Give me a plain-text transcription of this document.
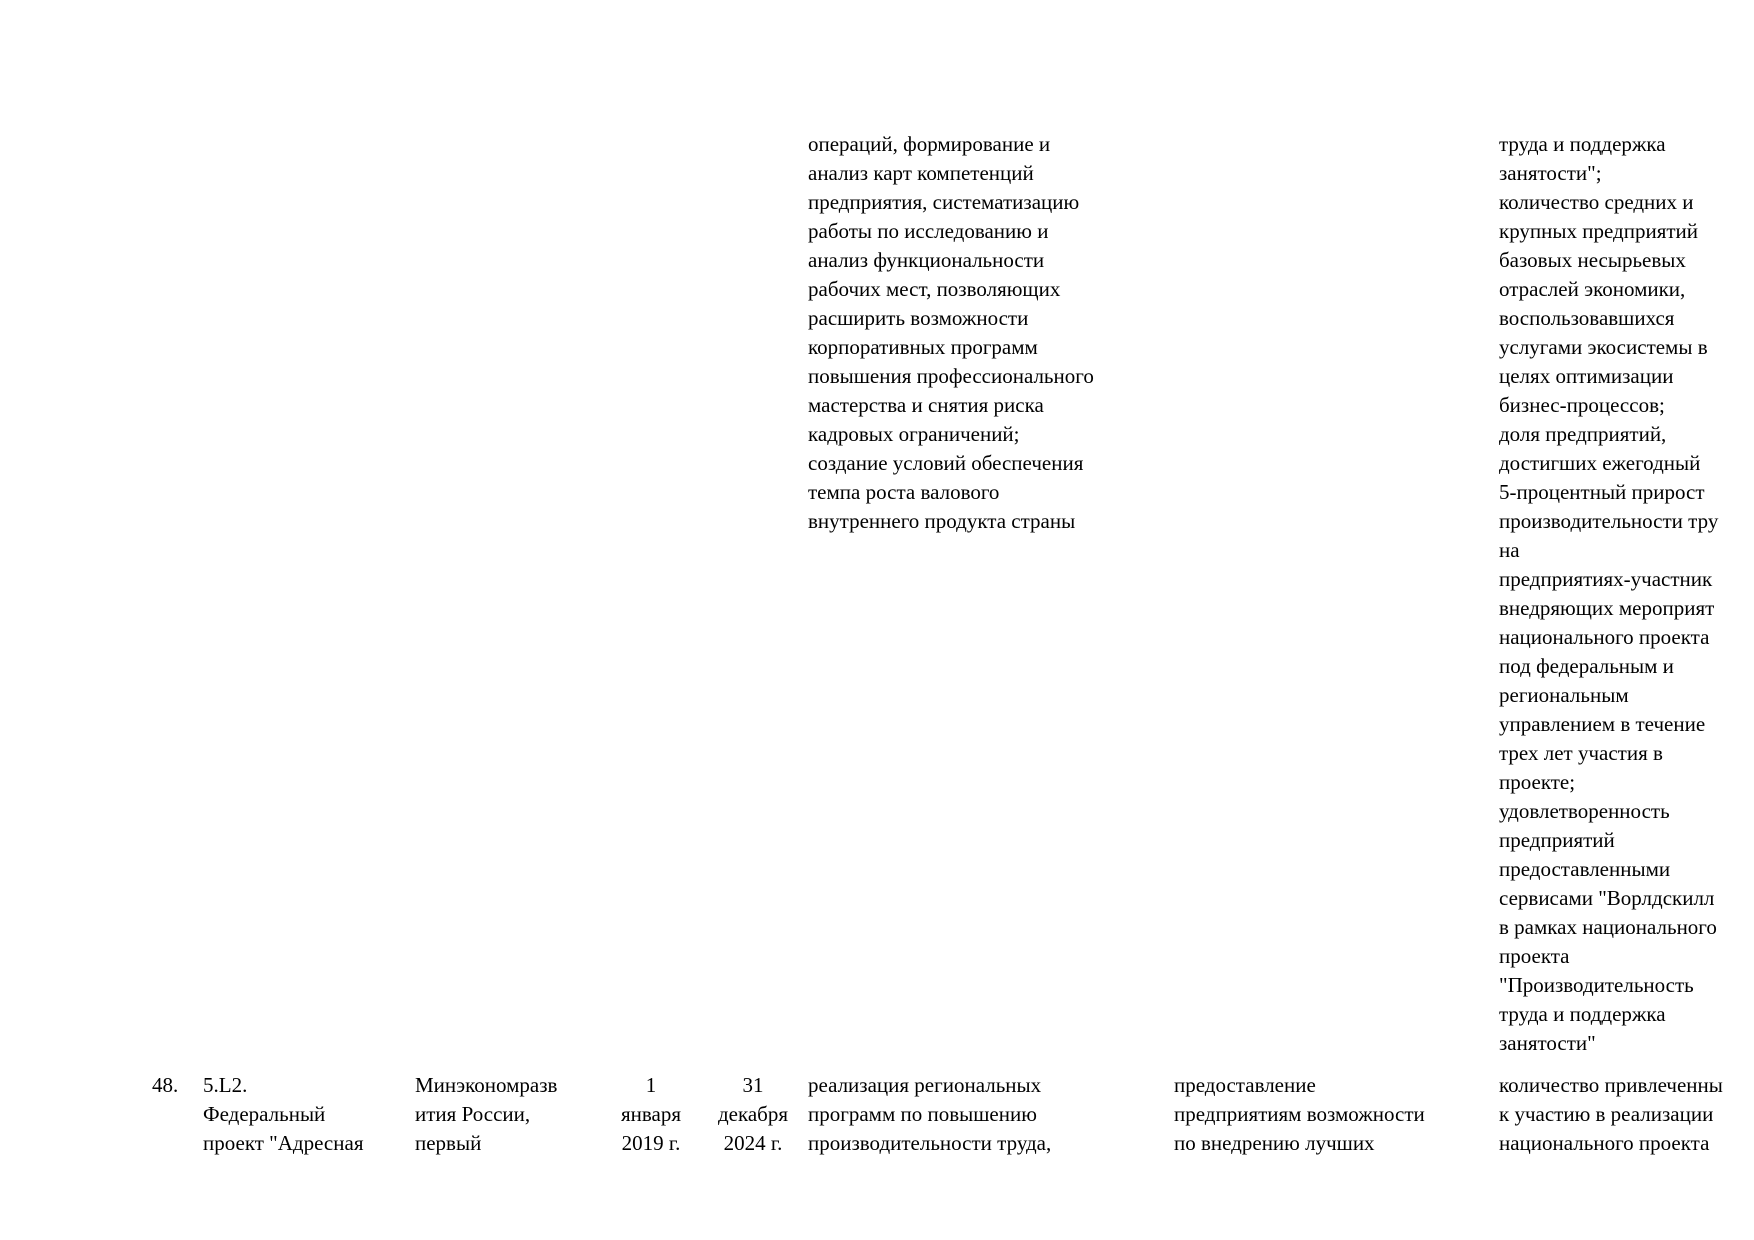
операций, формирование и
анализ карт компетенций
предприятия, систематизацию
работы по исследованию и
анализ функциональности
рабочих мест, позволяющих
расширить возможности
корпоративных программ
повышения профессионального
мастерства и снятия риска
кадровых ограничений;
создание условий обеспечения
темпа роста валового
внутреннего продукта страны
труда и поддержка
занятости";
количество средних и
крупных предприятий
базовых несырьевых
отраслей экономики,
воспользовавшихся
услугами экосистемы в
целях оптимизации
бизнес-процессов;
доля предприятий,
достигших ежегодный
5-процентный прирост
производительности тру
на
предприятиях-участник
внедряющих мероприят
национального проекта
под федеральным и
региональным
управлением в течение
трех лет участия в
проекте;
удовлетворенность
предприятий
предоставленными
сервисами "Ворлдскилл
в рамках национального
проекта
"Производительность
труда и поддержка
занятости"
48. 5.L2.
Федеральный
проект "Адресная
Минэкономразв
ития России,
первый
1
января
2019 г.
31
декабря
2024 г.
реализация региональных
программ по повышению
производительности труда,
предоставление
предприятиям возможности
по внедрению лучших
количество привлеченны
к участию в реализации
национального проекта
